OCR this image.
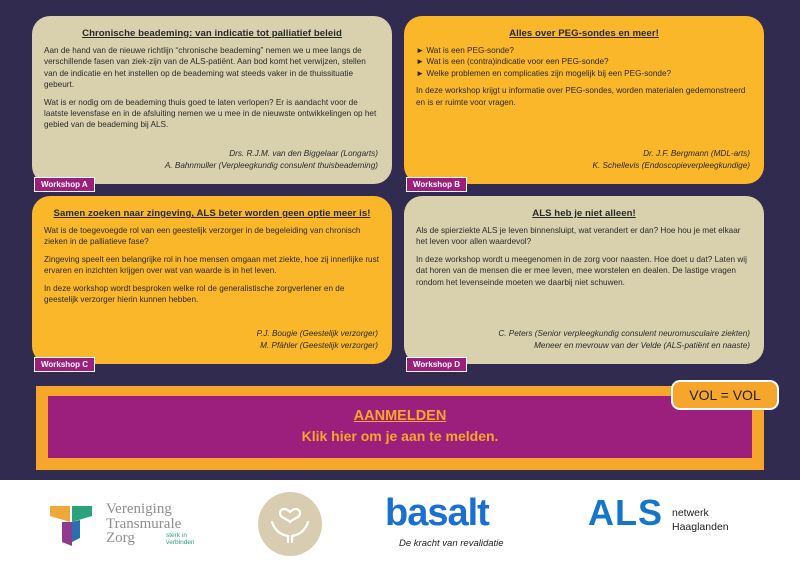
Chronische beademing: van indicatie tot palliatief beleid

Aan de hand van de nieuwe richtlijn “chronische beademing” nemen we u mee langs de verschillende fasen van ziek-zijn van de ALS-patiënt. Aan bod komt het verwijzen, stellen van de indicatie en het instellen op de beademing wat steeds vaker in de thuissituatie gebeurt.

Wat is er nodig om de beademing thuis goed te laten verlopen? Er is aandacht voor de laatste levensfase en in de afsluiting nemen we u mee in de nieuwste ontwikkelingen op het gebied van de beademing bij ALS.

Drs. R.J.M. van den Biggelaar (Longarts)
A. Bahnmuller (Verpleegkundig consulent thuisbeademing)
Workshop A
Alles over PEG-sondes en meer!
► Wat is een PEG-sonde?
► Wat is een (contra)indicatie voor een PEG-sonde?
► Welke problemen en complicaties zijn mogelijk bij een PEG-sonde?

In deze workshop krijgt u informatie over PEG-sondes, worden materialen gedemonstreerd en is er ruimte voor vragen.

Dr. J.F. Bergmann (MDL-arts)
K. Schellevis (Endoscopieverpleegkundige)
Workshop B
Samen zoeken naar zingeving, ALS beter worden geen optie meer is!

Wat is de toegevoegde rol van een geestelijk verzorger in de begeleiding van chronisch zieken in de palliatieve fase?

Zingeving speelt een belangrijke rol in hoe mensen omgaan met ziekte, hoe zij innerlijke rust ervaren en inzichten krijgen over wat van waarde is in het leven.

In deze workshop wordt besproken welke rol de generalistische zorgverlener en de geestelijk verzorger hierin kunnen hebben.

P.J. Bougie (Geestelijk verzorger)
M. Pfähler (Geestelijk verzorger)
Workshop C
ALS heb je niet alleen!

Als de spierziekte ALS je leven binnensluipt, wat verandert er dan? Hoe hou je met elkaar het leven voor allen waardevol?

In deze workshop wordt u meegenomen in de zorg voor naasten. Hoe doet u dat? Laten wij dat horen van de mensen die er mee leven, mee worstelen en dealen. De lastige vragen rondom het levenseinde moeten we daarbij niet schuwen.

C. Peters (Senior verpleegkundig consulent neuromusculaire ziekten)
Meneer en mevrouw van der Velde (ALS-patiënt en naaste)
Workshop D
AANMELDEN
Klik hier om je aan te melden.
VOL = VOL
Vereniging
Transmurale
Zorg	sterk in
verbinden
basalt
De kracht van revalidatie
ALS netwerk
Haaglanden
